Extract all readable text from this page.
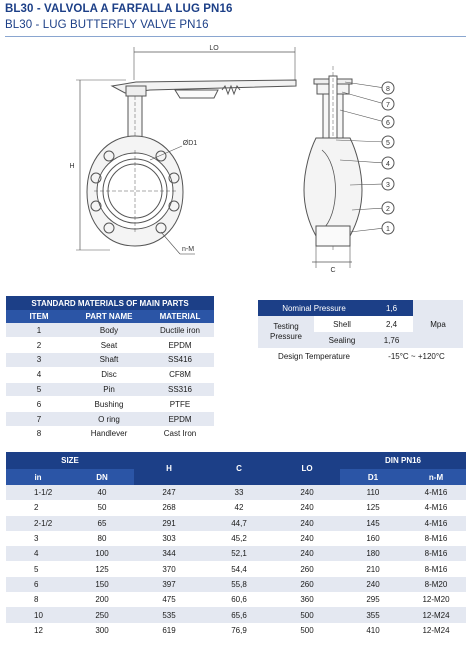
BL30 - VALVOLA A FARFALLA LUG PN16
BL30 - LUG BUTTERFLY VALVE PN16
LO
H
C
ØD1
n-M
8
7
6
5
4
3
2
1
STANDARD MATERIALS OF MAIN PARTS		
ITEM	PART NAME	MATERIAL
1	Body	Ductile iron
2	Seat	EPDM
3	Shaft	SS416
4	Disc	CF8M
5	Pin	SS316
6	Bushing	PTFE
7	O ring	EPDM
8	Handlever	Cast Iron
Nominal Pressure		1,6	Mpa
Testing Pressure	Shell	2,4	
	Sealing	1,76	
Design Temperature		-15°C ~ +120°C	
SIZE		H	C	LO	DIN PN16	
in	DN				D1	n-M
1-1/2	40	247	33	240	110	4-M16
2	50	268	42	240	125	4-M16
2-1/2	65	291	44,7	240	145	4-M16
3	80	303	45,2	240	160	8-M16
4	100	344	52,1	240	180	8-M16
5	125	370	54,4	260	210	8-M16
6	150	397	55,8	260	240	8-M20
8	200	475	60,6	360	295	12-M20
10	250	535	65,6	500	355	12-M24
12	300	619	76,9	500	410	12-M24
